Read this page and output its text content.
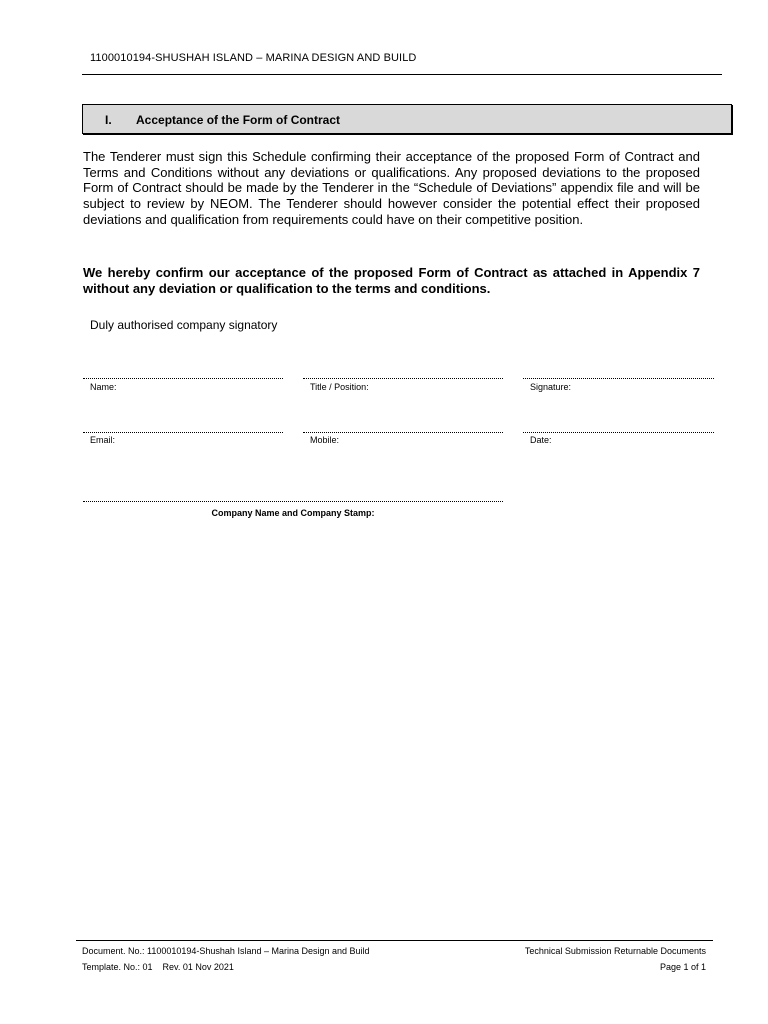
1100010194-SHUSHAH ISLAND – MARINA DESIGN AND BUILD
I. Acceptance of the Form of Contract
The Tenderer must sign this Schedule confirming their acceptance of the proposed Form of Contract and Terms and Conditions without any deviations or qualifications. Any proposed deviations to the proposed Form of Contract should be made by the Tenderer in the “Schedule of Deviations” appendix file and will be subject to review by NEOM. The Tenderer should however consider the potential effect their proposed deviations and qualification from requirements could have on their competitive position.
We hereby confirm our acceptance of the proposed Form of Contract as attached in Appendix 7 without any deviation or qualification to the terms and conditions.
Duly authorised company signatory
Name:	Title / Position:	Signature:
Email:	Mobile:	Date:
Company Name and Company Stamp:
Document. No.: 1100010194-Shushah Island – Marina Design and Build
Template. No.: 01    Rev. 01 Nov 2021
Technical Submission Returnable Documents
Page 1 of 1
